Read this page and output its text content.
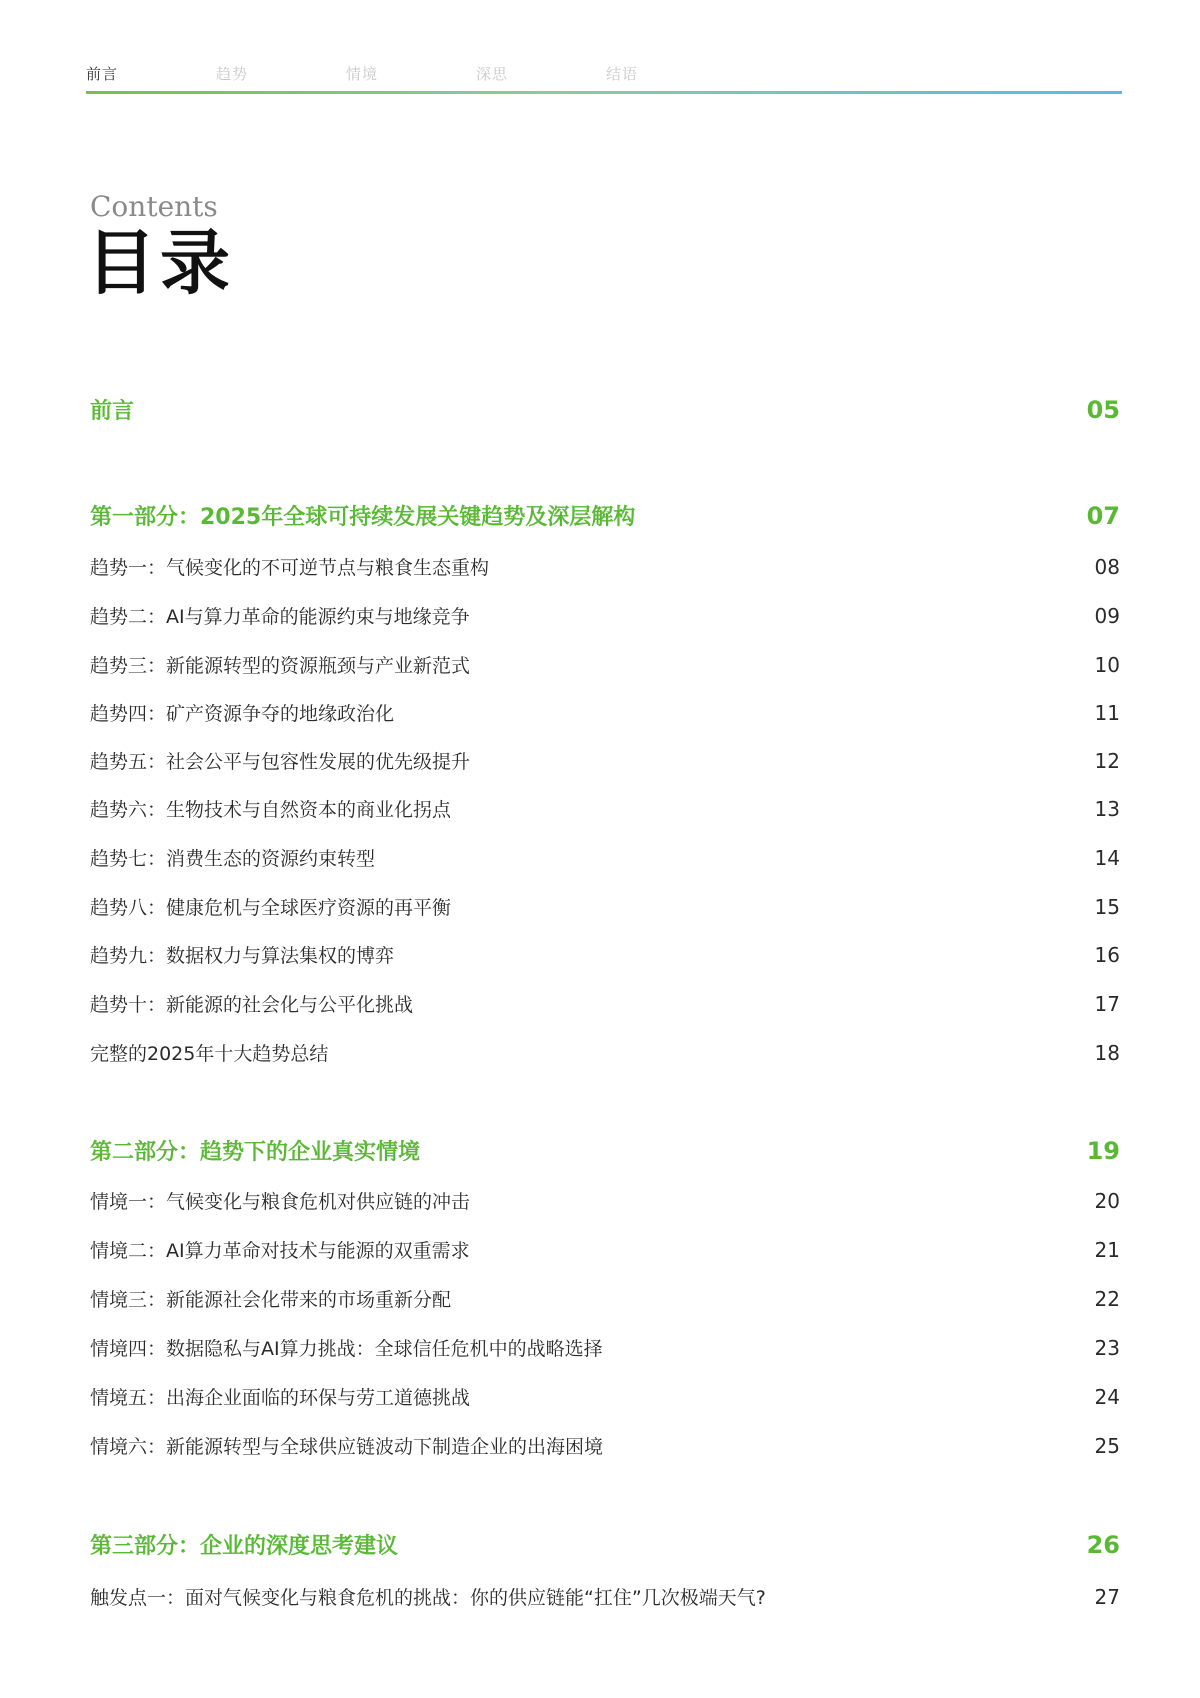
前言	趋势	情境	深思	结语
Contents
目录
前言	05
第一部分：2025年全球可持续发展关键趋势及深层解构	07
趋势一：气候变化的不可逆节点与粮食生态重构	08
趋势二：AI与算力革命的能源约束与地缘竞争	09
趋势三：新能源转型的资源瓶颈与产业新范式	10
趋势四：矿产资源争夺的地缘政治化	11
趋势五：社会公平与包容性发展的优先级提升	12
趋势六：生物技术与自然资本的商业化拐点	13
趋势七：消费生态的资源约束转型	14
趋势八：健康危机与全球医疗资源的再平衡	15
趋势九：数据权力与算法集权的博弈	16
趋势十：新能源的社会化与公平化挑战	17
完整的2025年十大趋势总结	18
第二部分：趋势下的企业真实情境	19
情境一：气候变化与粮食危机对供应链的冲击	20
情境二：AI算力革命对技术与能源的双重需求	21
情境三：新能源社会化带来的市场重新分配	22
情境四：数据隐私与AI算力挑战：全球信任危机中的战略选择	23
情境五：出海企业面临的环保与劳工道德挑战	24
情境六：新能源转型与全球供应链波动下制造企业的出海困境	25
第三部分：企业的深度思考建议	26
触发点一：面对气候变化与粮食危机的挑战：你的供应链能“扛住”几次极端天气?	27
